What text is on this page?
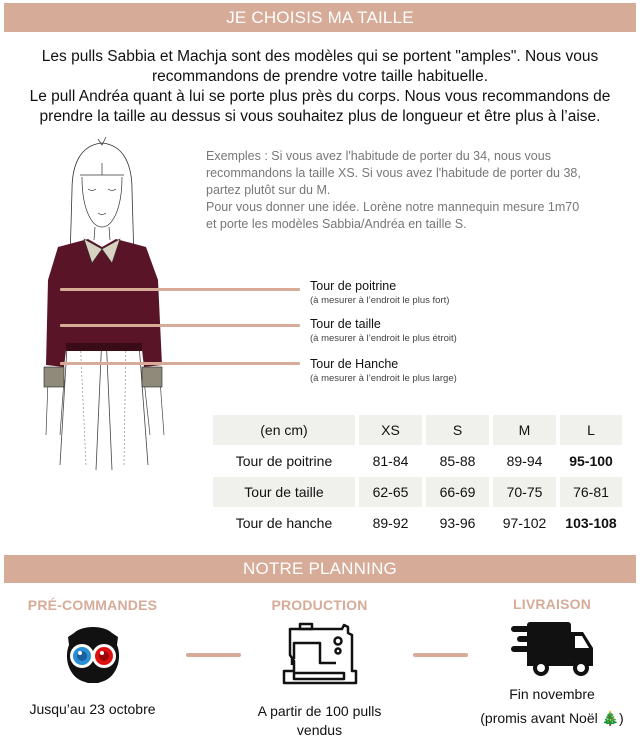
JE CHOISIS MA TAILLE
Les pulls Sabbia et Machja sont des modèles qui se portent "amples". Nous vous
recommandons de prendre votre taille habituelle.
Le pull Andréa quant à lui se porte plus près du corps. Nous vous recommandons de
prendre la taille au dessus si vous souhaitez plus de longueur et être plus à l’aise.
Exemples : Si vous avez l'habitude de porter du 34, nous vous
recommandons la taille XS. Si vous avez l'habitude de porter du 38,
partez plutôt sur du M.
Pour vous donner une idée. Lorène notre mannequin mesure 1m70
et porte les modèles Sabbia/Andréa en taille S.
Tour de poitrine
(à mesurer à l’endroit le plus fort)
Tour de taille
(à mesurer à l’endroit le plus étroit)
Tour de Hanche
(à mesurer à l’endroit le plus large)
(en cm)	XS	S	M	L
Tour de poitrine	81-84	85-88	89-94	95-100
Tour de taille	62-65	66-69	70-75	76-81
Tour de hanche	89-92	93-96	97-102	103-108
NOTRE PLANNING
PRÉ-COMMANDES
Jusqu’au 23 octobre
PRODUCTION
A partir de 100 pulls
vendus
LIVRAISON
Fin novembre
(promis avant Noël 🎄)
